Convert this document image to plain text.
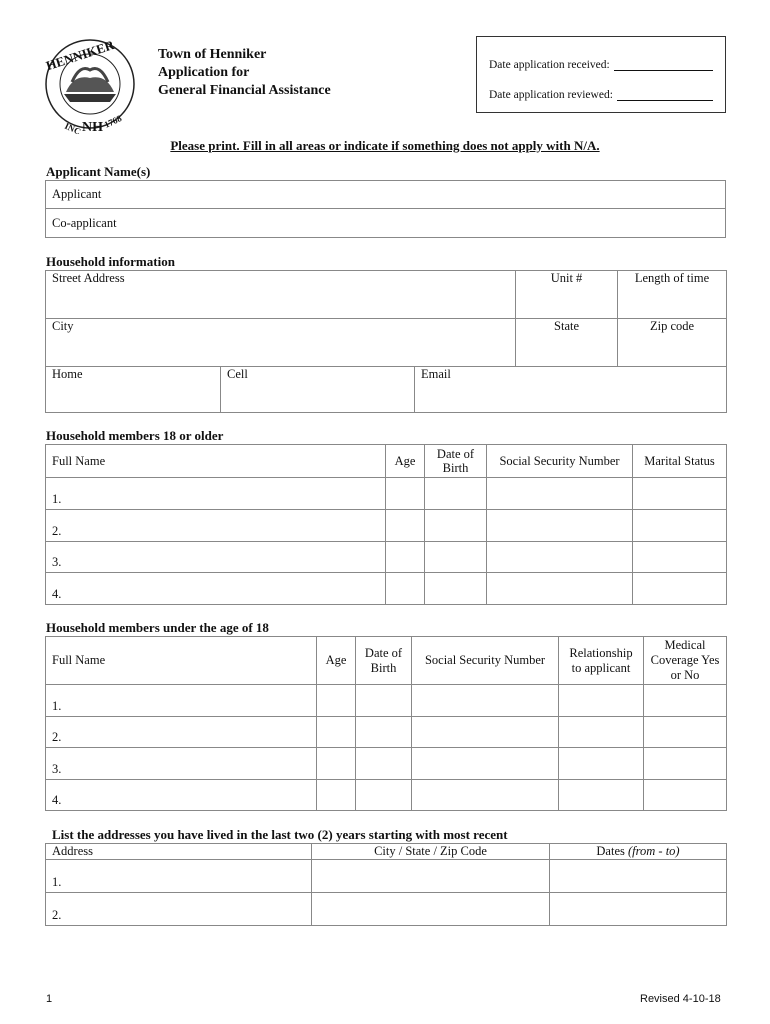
HENNIKER
INC NH 1768
Town of Henniker
Application for
General Financial Assistance
Date application received:
Date application reviewed:
Please print. Fill in all areas or indicate if something does not apply with N/A.
Applicant Name(s)
Applicant
Co-applicant
Household information
Street Address			Unit #	Length of time
City			State	Zip code
Home	Cell	Email		
Household members 18 or older
Full Name	Age	Date of Birth	Social Security Number	Marital Status
1.				
2.				
3.				
4.				
Household members under the age of 18
Full Name	Age	Date of Birth	Social Security Number	Relationship to applicant	Medical Coverage Yes or No
1.					
2.					
3.					
4.					
List the addresses you have lived in the last two (2) years starting with most recent
Address	City / State / Zip Code	Dates (from - to)
1.		
2.		
1	Revised 4-10-18
